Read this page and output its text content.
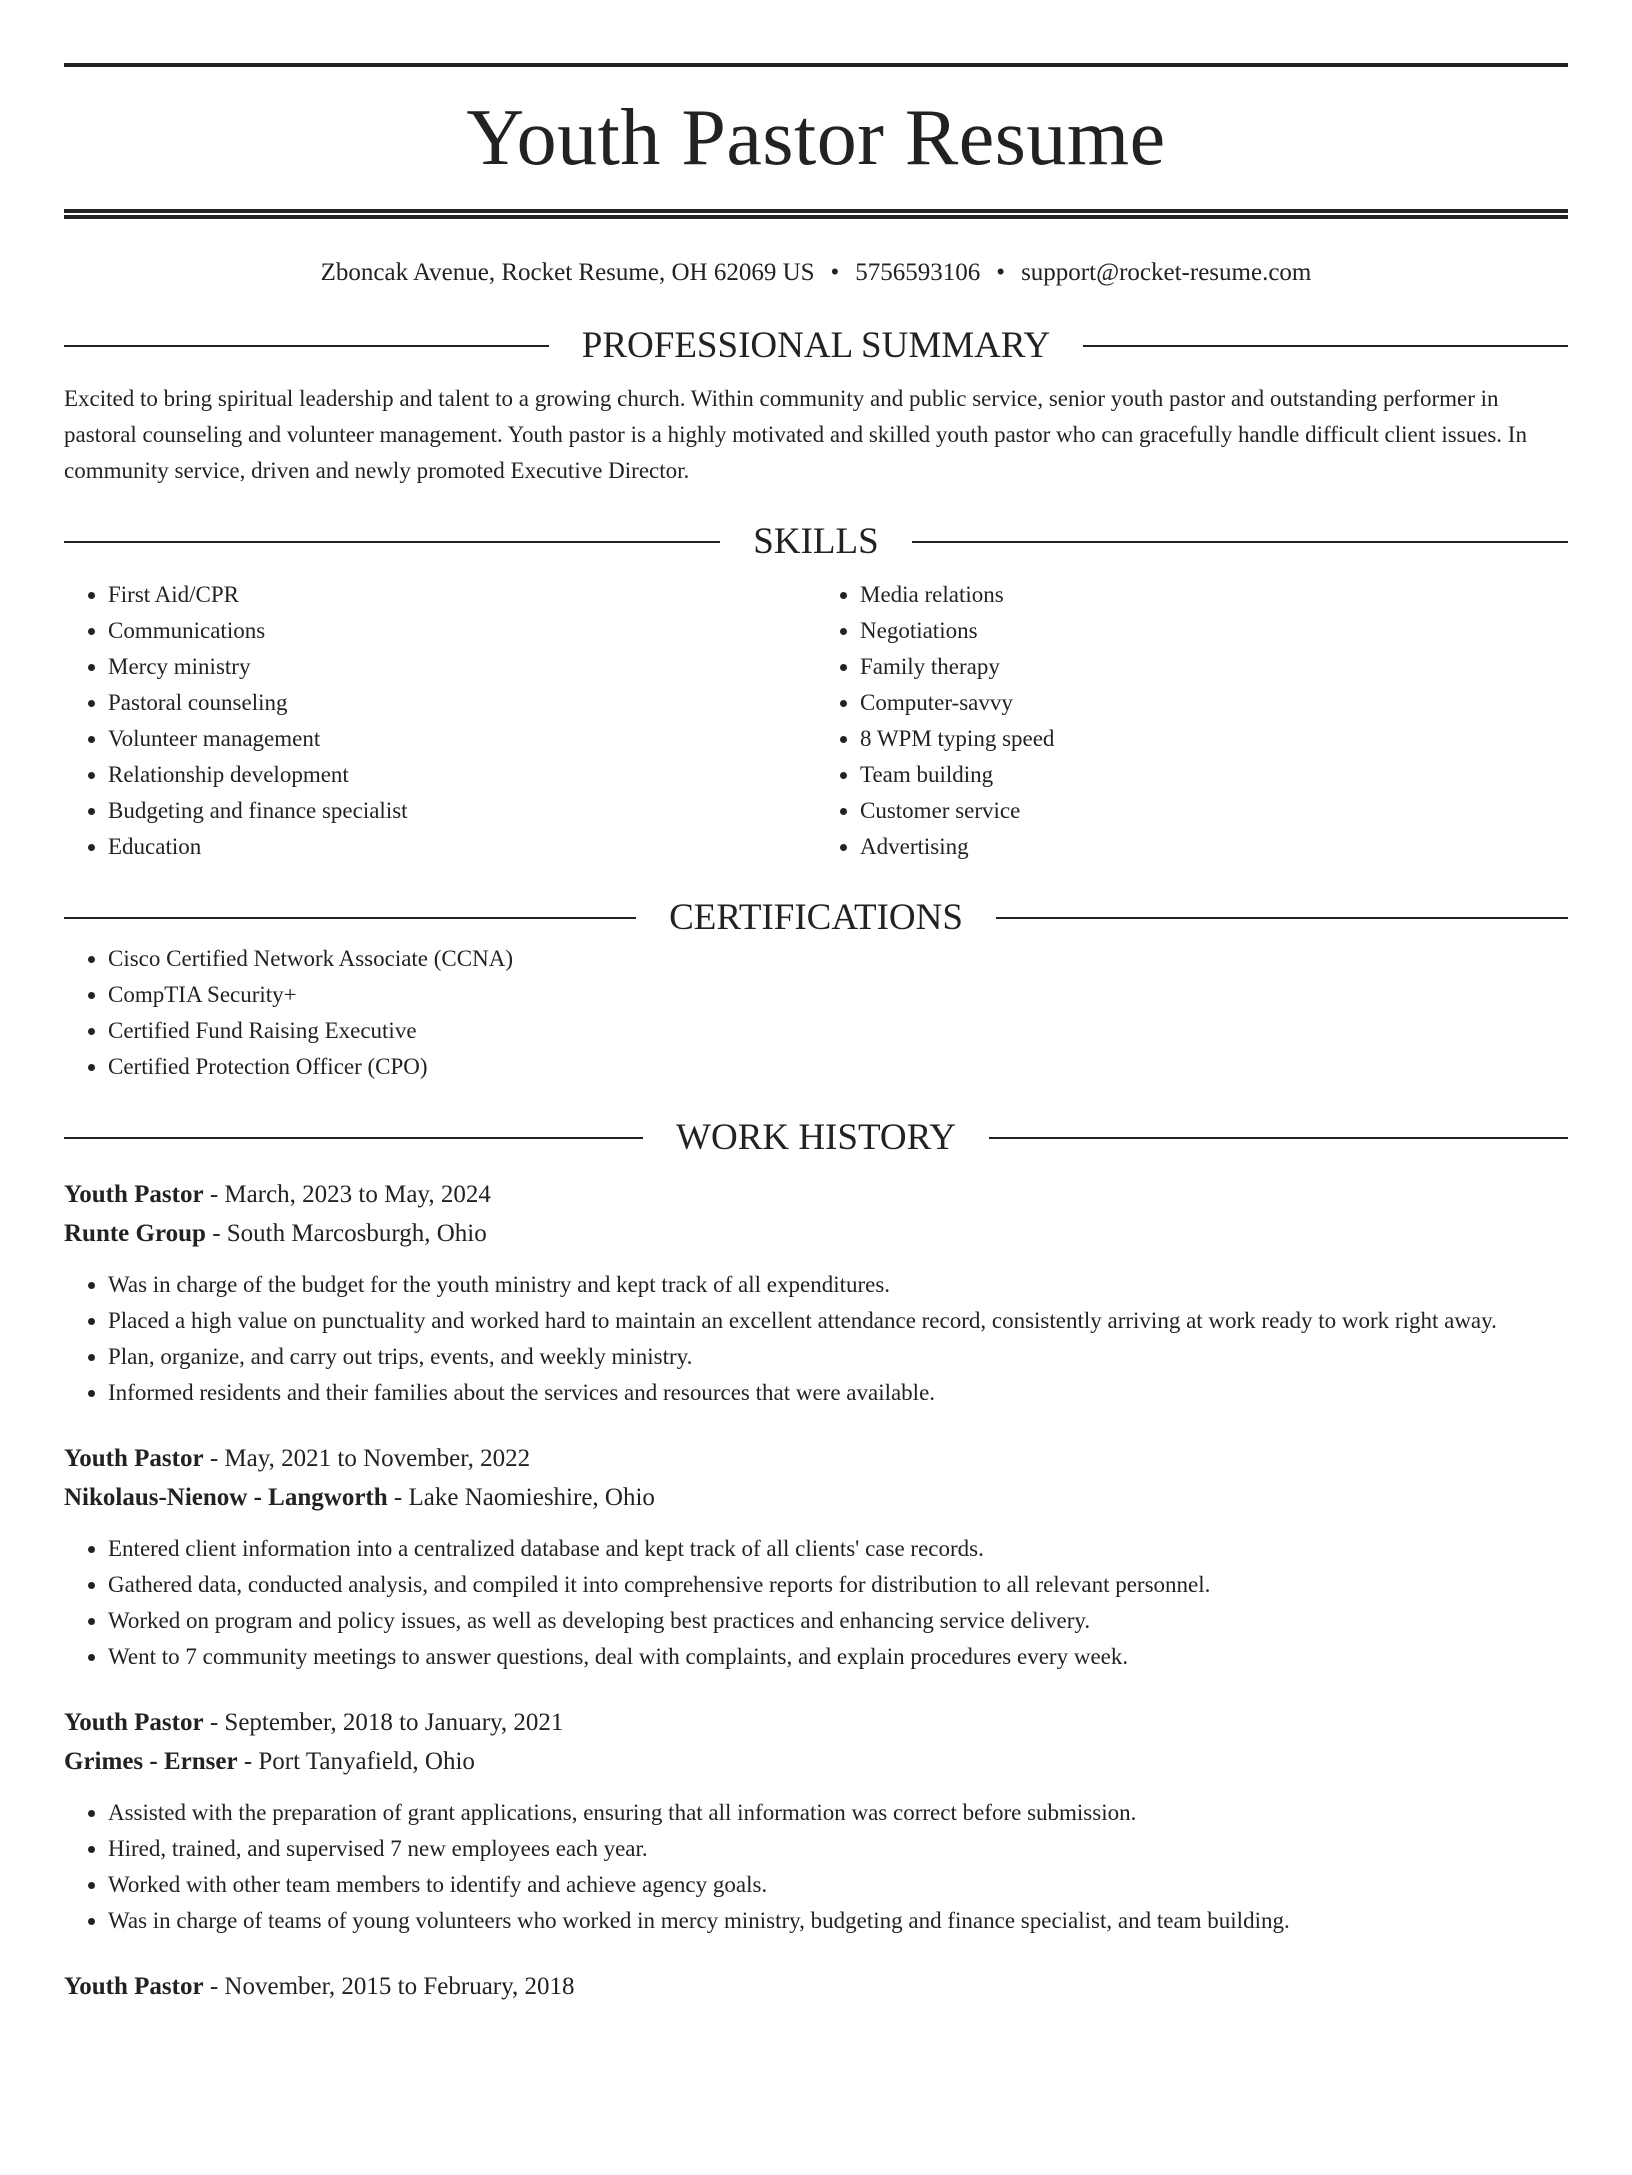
Youth Pastor Resume
Zboncak Avenue, Rocket Resume, OH 62069 US • 5756593106 • support@rocket-resume.com
PROFESSIONAL SUMMARY

Excited to bring spiritual leadership and talent to a growing church. Within community and public service, senior youth pastor and outstanding performer in pastoral counseling and volunteer management. Youth pastor is a highly motivated and skilled youth pastor who can gracefully handle difficult client issues. In community service, driven and newly promoted Executive Director.

SKILLS
• First Aid/CPR
• Communications
• Mercy ministry
• Pastoral counseling
• Volunteer management
• Relationship development
• Budgeting and finance specialist
• Education
• Media relations
• Negotiations
• Family therapy
• Computer-savvy
• 8 WPM typing speed
• Team building
• Customer service
• Advertising
CERTIFICATIONS
• Cisco Certified Network Associate (CCNA)
• CompTIA Security+
• Certified Fund Raising Executive
• Certified Protection Officer (CPO)
WORK HISTORY
Youth Pastor - March, 2023 to May, 2024
Runte Group - South Marcosburgh, Ohio
• Was in charge of the budget for the youth ministry and kept track of all expenditures.
• Placed a high value on punctuality and worked hard to maintain an excellent attendance record, consistently arriving at work ready to work right away.
• Plan, organize, and carry out trips, events, and weekly ministry.
• Informed residents and their families about the services and resources that were available.
Youth Pastor - May, 2021 to November, 2022
Nikolaus-Nienow - Langworth - Lake Naomieshire, Ohio
• Entered client information into a centralized database and kept track of all clients' case records.
• Gathered data, conducted analysis, and compiled it into comprehensive reports for distribution to all relevant personnel.
• Worked on program and policy issues, as well as developing best practices and enhancing service delivery.
• Went to 7 community meetings to answer questions, deal with complaints, and explain procedures every week.
Youth Pastor - September, 2018 to January, 2021
Grimes - Ernser - Port Tanyafield, Ohio
• Assisted with the preparation of grant applications, ensuring that all information was correct before submission.
• Hired, trained, and supervised 7 new employees each year.
• Worked with other team members to identify and achieve agency goals.
• Was in charge of teams of young volunteers who worked in mercy ministry, budgeting and finance specialist, and team building.
Youth Pastor - November, 2015 to February, 2018
